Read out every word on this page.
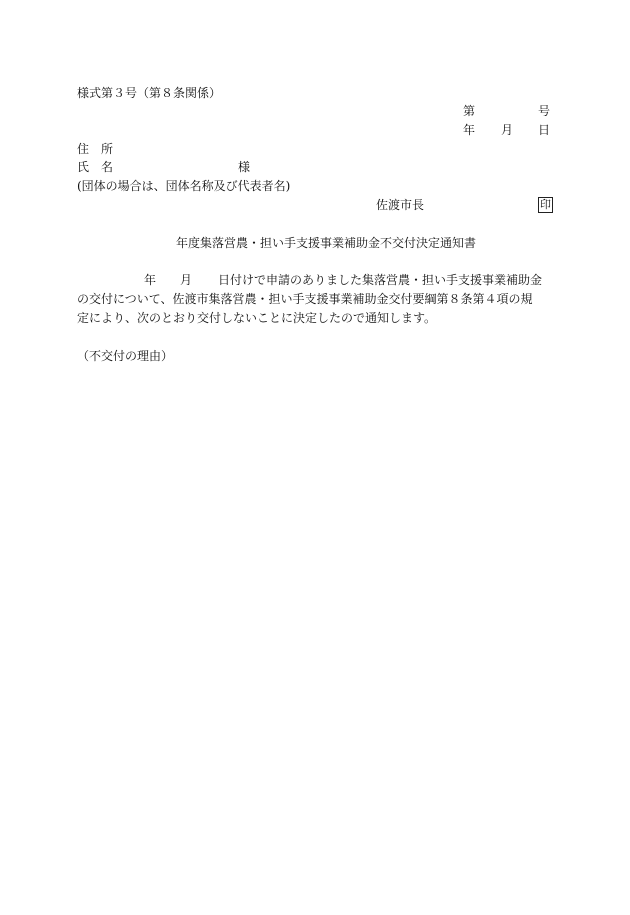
様式第３号（第８条関係）
第	号
年 月 日
住　所
氏　名	様
(団体の場合は、団体名称及び代表者名)
佐渡市長	印
年度集落営農・担い手支援事業補助金不交付決定通知書
年 月 日付けで申請のありました集落営農・担い手支援事業補助金
の交付について、佐渡市集落営農・担い手支援事業補助金交付要綱第８条第４項の規
定により、次のとおり交付しないことに決定したので通知します。
（不交付の理由）
